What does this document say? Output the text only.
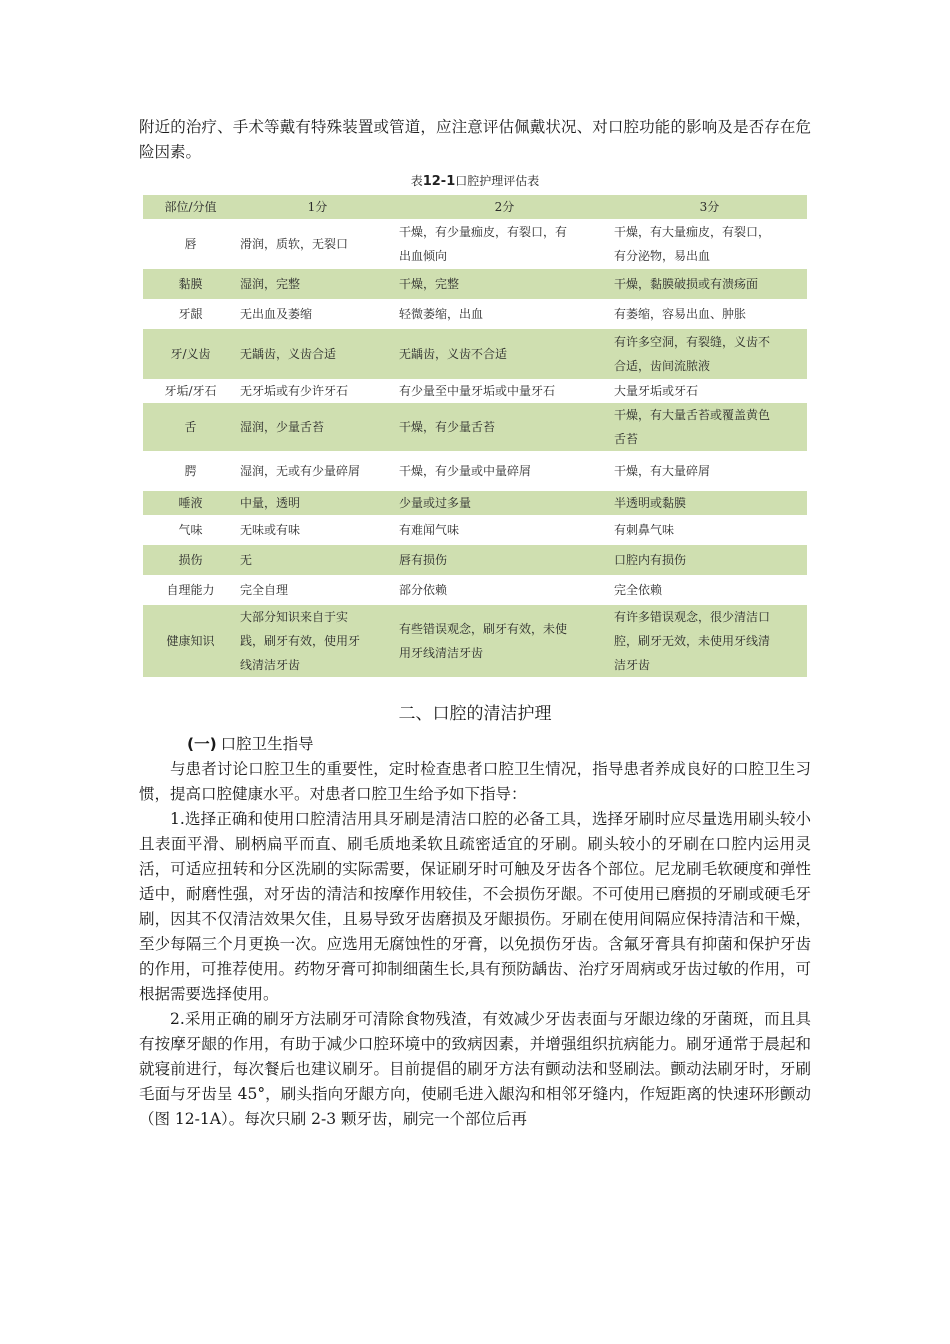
附近的治疗、手术等戴有特殊装置或管道，应注意评估佩戴状况、对口腔功能的影响及是否存在危险因素。

表12-1口腔护理评估表
部位/分值	1分	2分	3分
唇	滑润，质软，无裂口	干燥，有少量痂皮，有裂口，有
出血倾向	干燥，有大量痂皮，有裂口，
有分泌物，易出血

黏膜	湿润，完整	干燥，完整	干燥，黏膜破损或有溃疡面

牙龈	无出血及萎缩	轻微萎缩，出血	有萎缩，容易出血、肿胀

牙/义齿	无龋齿，义齿合适	无龋齿，义齿不合适	有许多空洞，有裂缝，义齿不
合适，齿间流脓液

牙垢/牙石	无牙垢或有少许牙石	有少量至中量牙垢或中量牙石	大量牙垢或牙石

舌	湿润，少量舌苔	干燥，有少量舌苔	干燥，有大量舌苔或覆盖黄色
舌苔

腭	湿润，无或有少量碎屑	干燥，有少量或中量碎屑	干燥，有大量碎屑

唾液	中量，透明	少量或过多量	半透明或黏膜

气味	无味或有味	有难闻气味	有刺鼻气味

损伤	无	唇有损伤	口腔内有损伤

自理能力	完全自理	部分依赖	完全依赖

健康知识	大部分知识来自于实
践，刷牙有效，使用牙
线清洁牙齿	有些错误观念，刷牙有效，未使
用牙线清洁牙齿	有许多错误观念，很少清洁口
腔，刷牙无效，未使用牙线清
洁牙齿
二、口腔的清洁护理
(一) 口腔卫生指导

与患者讨论口腔卫生的重要性，定时检查患者口腔卫生情况，指导患者养成良好的口腔卫生习惯，提高口腔健康水平。对患者口腔卫生给予如下指导：

1.选择正确和使用口腔清洁用具牙刷是清洁口腔的必备工具，选择牙刷时应尽量选用刷头较小且表面平滑、刷柄扁平而直、刷毛质地柔软且疏密适宜的牙刷。刷头较小的牙刷在口腔内运用灵活，可适应扭转和分区洗刷的实际需要，保证刷牙时可触及牙齿各个部位。尼龙刷毛软硬度和弹性适中，耐磨性强，对牙齿的清洁和按摩作用较佳，不会损伤牙龈。不可使用已磨损的牙刷或硬毛牙刷，因其不仅清洁效果欠佳，且易导致牙齿磨损及牙龈损伤。牙刷在使用间隔应保持清洁和干燥，至少每隔三个月更换一次。应选用无腐蚀性的牙膏，以免损伤牙齿。含氟牙膏具有抑菌和保护牙齿的作用，可推荐使用。药物牙膏可抑制细菌生长,具有预防龋齿、治疗牙周病或牙齿过敏的作用，可根据需要选择使用。

2.采用正确的刷牙方法刷牙可清除食物残渣，有效减少牙齿表面与牙龈边缘的牙菌斑，而且具有按摩牙龈的作用，有助于减少口腔环境中的致病因素，并增强组织抗病能力。刷牙通常于晨起和就寝前进行，每次餐后也建议刷牙。目前提倡的刷牙方法有颤动法和竖刷法。颤动法刷牙时，牙刷毛面与牙齿呈 45°，刷头指向牙龈方向，使刷毛进入龈沟和相邻牙缝内，作短距离的快速环形颤动（图 12-1A）。每次只刷 2-3 颗牙齿，刷完一个部位后再
